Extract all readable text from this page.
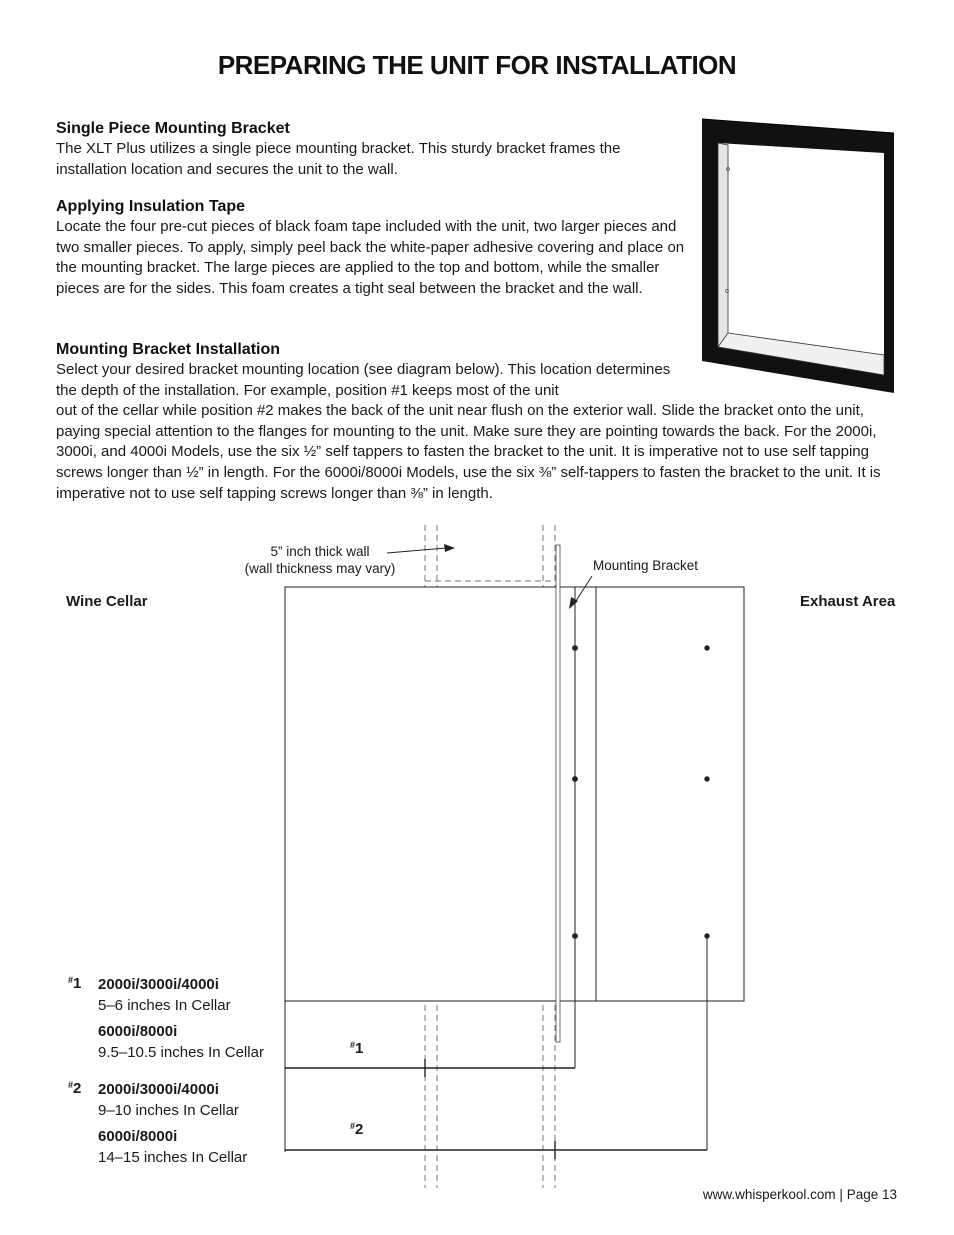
PREPARING THE UNIT FOR INSTALLATION
Single Piece Mounting Bracket

The XLT Plus utilizes a single piece mounting bracket. This sturdy bracket frames the installation location and secures the unit to the wall.

Applying Insulation Tape

Locate the four pre-cut pieces of black foam tape included with the unit, two larger pieces and two smaller pieces. To apply, simply peel back the white-paper adhesive covering and place on the mounting bracket. The large pieces are applied to the top and bottom, while the smaller pieces are for the sides. This foam creates a tight seal between the bracket and the wall.

Mounting Bracket Installation

Select your desired bracket mounting location (see diagram below). This location determines the depth of the installation. For example, position #1 keeps most of the unit

out of the cellar while position #2 makes the back of the unit near flush on the exterior wall. Slide the bracket onto the unit, paying special attention to the flanges for mounting to the unit. Make sure they are pointing towards the back. For the 2000i, 3000i, and 4000i Models, use the six ½” self tappers to fasten the bracket to the unit. It is imperative not to use self tapping screws longer than ½” in length. For the 6000i/8000i Models, use the six ⅜” self-tappers to fasten the bracket to the unit. It is imperative not to use self tapping screws longer than ⅜” in length.

5” inch thick wall
(wall thickness may vary)	Mounting Bracket
Wine Cellar	Exhaust Area
#1
#2
#1 2000i/3000i/4000i
5–6 inches In Cellar
6000i/8000i
9.5–10.5 inches In Cellar
#2 2000i/3000i/4000i
9–10 inches In Cellar
6000i/8000i
14–15 inches In Cellar
www.whisperkool.com | Page 13
